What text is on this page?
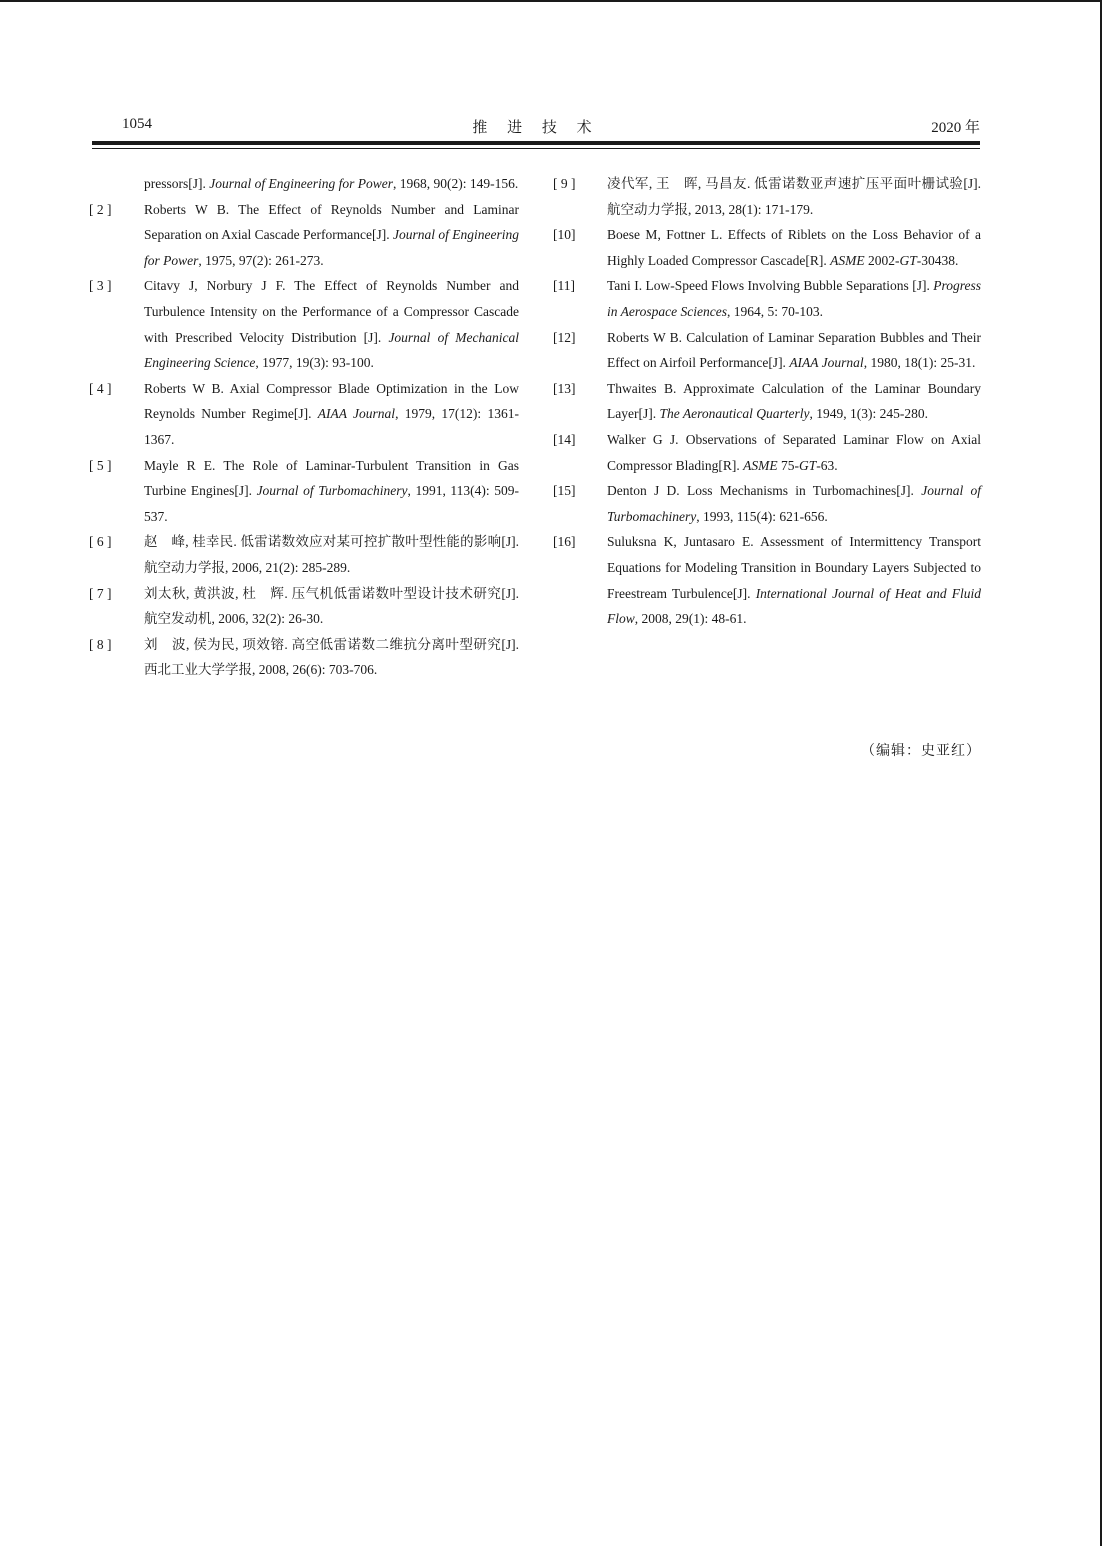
推 进 技 术
1054	2020 年
pressors[J]. Journal of Engineering for Power, 1968, 90(2): 149-156.
[ 2 ]	Roberts W B. The Effect of Reynolds Number and Laminar Separation on Axial Cascade Performance[J]. Journal of Engineering for Power, 1975, 97(2): 261-273.
[ 3 ]	Citavy J, Norbury J F. The Effect of Reynolds Number and Turbulence Intensity on the Performance of a Compressor Cascade with Prescribed Velocity Distribution [J]. Journal of Mechanical Engineering Science, 1977, 19(3): 93-100.
[ 4 ]	Roberts W B. Axial Compressor Blade Optimization in the Low Reynolds Number Regime[J]. AIAA Journal, 1979, 17(12): 1361-1367.
[ 5 ]	Mayle R E. The Role of Laminar-Turbulent Transition in Gas Turbine Engines[J]. Journal of Turbomachinery, 1991, 113(4): 509-537.
[ 6 ]	赵　峰, 桂幸民. 低雷诺数效应对某可控扩散叶型性能的影响[J]. 航空动力学报, 2006, 21(2): 285-289.
[ 7 ]	刘太秋, 黄洪波, 杜　辉. 压气机低雷诺数叶型设计技术研究[J]. 航空发动机, 2006, 32(2): 26-30.
[ 8 ]	刘　波, 侯为民, 项效镕. 高空低雷诺数二维抗分离叶型研究[J]. 西北工业大学学报, 2008, 26(6): 703-706.
[ 9 ]	凌代军, 王　晖, 马昌友. 低雷诺数亚声速扩压平面叶栅试验[J]. 航空动力学报, 2013, 28(1): 171-179.
[10]	Boese M, Fottner L. Effects of Riblets on the Loss Behavior of a Highly Loaded Compressor Cascade[R]. ASME 2002-GT-30438.
[11]	Tani I. Low-Speed Flows Involving Bubble Separations [J]. Progress in Aerospace Sciences, 1964, 5: 70-103.
[12]	Roberts W B. Calculation of Laminar Separation Bubbles and Their Effect on Airfoil Performance[J]. AIAA Journal, 1980, 18(1): 25-31.
[13]	Thwaites B. Approximate Calculation of the Laminar Boundary Layer[J]. The Aeronautical Quarterly, 1949, 1(3): 245-280.
[14]	Walker G J. Observations of Separated Laminar Flow on Axial Compressor Blading[R]. ASME 75-GT-63.
[15]	Denton J D. Loss Mechanisms in Turbomachines[J]. Journal of Turbomachinery, 1993, 115(4): 621-656.
[16]	Suluksna K, Juntasaro E. Assessment of Intermittency Transport Equations for Modeling Transition in Boundary Layers Subjected to Freestream Turbulence[J]. International Journal of Heat and Fluid Flow, 2008, 29(1): 48-61.
（编辑：史亚红）
